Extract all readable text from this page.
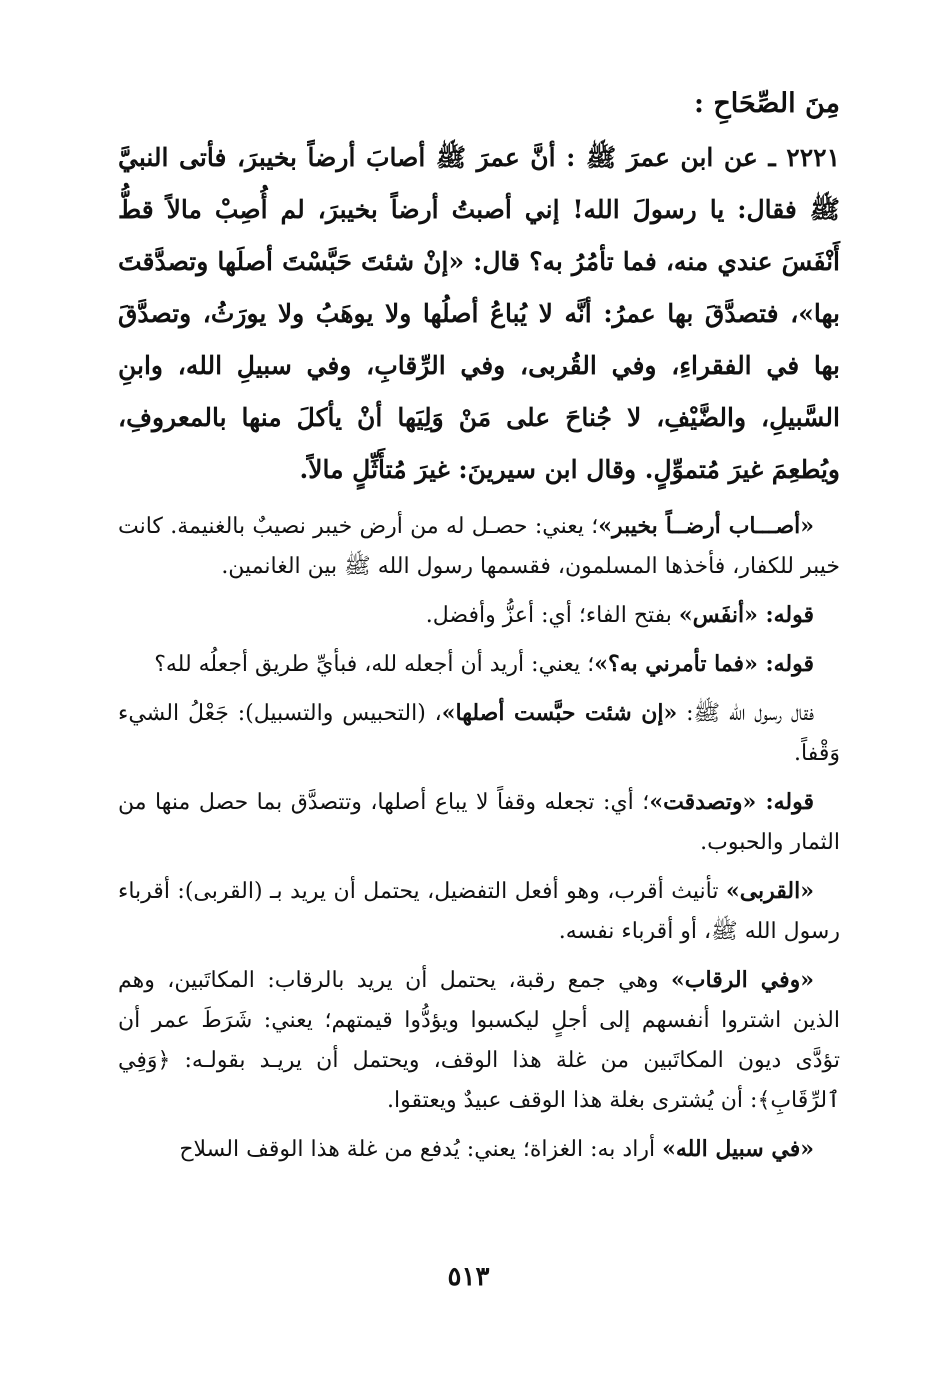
مِنَ الصِّحَاحِ :

٢٢٢١ ـ عن ابن عمرَ ﷺ : أنَّ عمرَ ﷺ أصابَ أرضاً بخيبرَ، فأتى النبيَّ ﷺ فقال: يا رسولَ الله! إني أصبتُ أرضاً بخيبرَ، لم أُصِبْ مالاً قطُّ أَنْفَسَ عندي منه، فما تأمُرُ به؟ قال: «إنْ شئتَ حَبَّسْتَ أصلَها وتصدَّقتَ بها»، فتصدَّقَ بها عمرُ: أنَّه لا يُباعُ أصلُها ولا يوهَبُ ولا يورَثُ، وتصدَّقَ بها في الفقراءِ، وفي القُربى، وفي الرِّقابِ، وفي سبيلِ الله، وابنِ السَّبيلِ، والضَّيْفِ، لا جُناحَ على مَنْ وَلِيَها أنْ يأكلَ منها بالمعروفِ، ويُطعِمَ غيرَ مُتموِّلٍ. وقال ابن سيرينَ: غيرَ مُتأَثِّلٍ مالاً.

«أصـــاب أرضــاً بخيبر»؛ يعني: حصـل له من أرض خيبر نصيبٌ بالغنيمة. كانت خيبر للكفار، فأخذها المسلمون، فقسمها رسول الله ﷺ بين الغانمين.

قوله: «أنفَس» بفتح الفاء؛ أي: أعزُّ وأفضل.

قوله: «فما تأمرني به؟»؛ يعني: أريد أن أجعله لله، فبأيِّ طريق أجعلُه لله؟

فقال رسول الله ﷺ: «إن شئت حبَّست أصلها»، (التحبيس والتسبيل): جَعْلُ الشيء وَقْفاً.

قوله: «وتصدقت»؛ أي: تجعله وقفاً لا يباع أصلها، وتتصدَّق بما حصل منها من الثمار والحبوب.

«القربى» تأنيث أقرب، وهو أفعل التفضيل، يحتمل أن يريد بـ (القربى): أقرباء رسول الله ﷺ، أو أقرباء نفسه.

«وفي الرقاب» وهي جمع رقبة، يحتمل أن يريد بالرقاب: المكاتَبين، وهم الذين اشتروا أنفسهم إلى أجلٍ ليكسبوا ويؤدُّوا قيمتهم؛ يعني: شَرَطَ عمر أن تؤدَّى ديون المكاتَبين من غلة هذا الوقف، ويحتمل أن يريـد بقولـه: ﴿وَفِي ٱلرِّقَابِ﴾: أن يُشترى بغلة هذا الوقف عبيدٌ ويعتقوا.

«في سبيل الله» أراد به: الغزاة؛ يعني: يُدفع من غلة هذا الوقف السلاح

٥١٣
